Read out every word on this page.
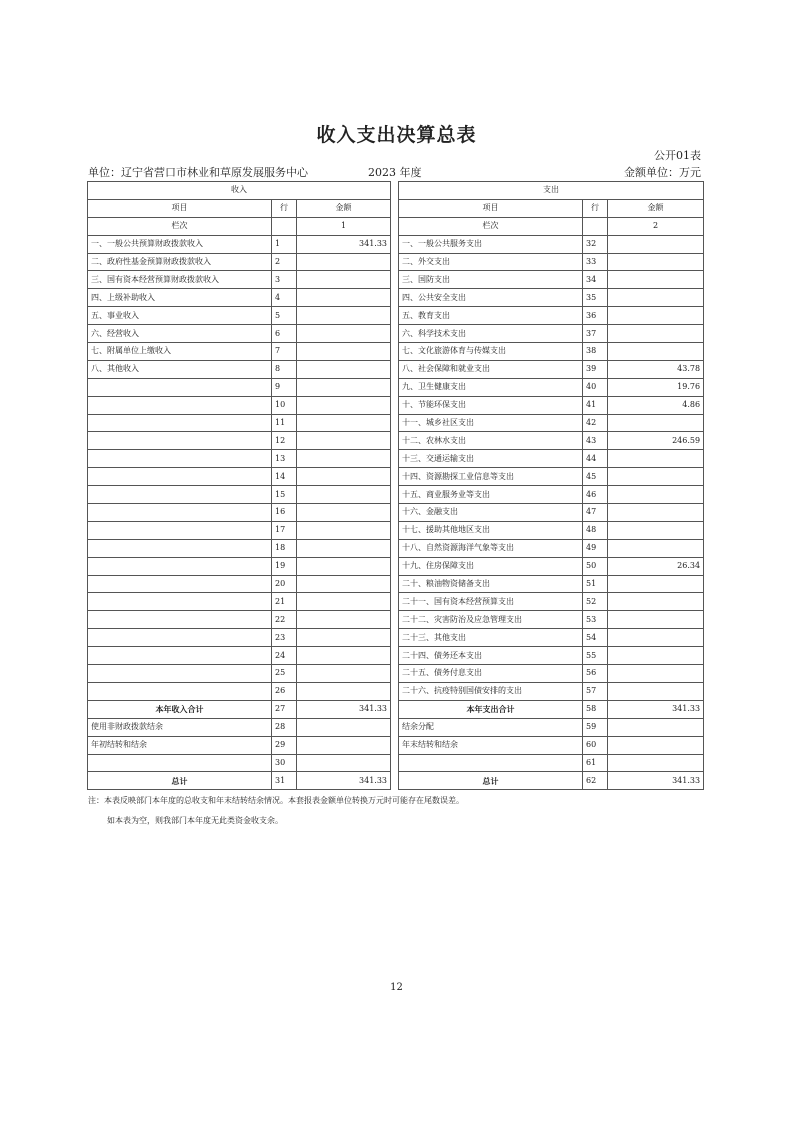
收入支出决算总表
公开01表
单位：辽宁省营口市林业和草原发展服务中心	2023 年度	金额单位：万元
收入				支出		
项目	行	金额		项目	行	金额
栏次		1		栏次		2
一、一般公共预算财政拨款收入	1	341.33		一、一般公共服务支出	32	
二、政府性基金预算财政拨款收入	2			二、外交支出	33	
三、国有资本经营预算财政拨款收入	3			三、国防支出	34	
四、上级补助收入	4			四、公共安全支出	35	
五、事业收入	5			五、教育支出	36	
六、经营收入	6			六、科学技术支出	37	
七、附属单位上缴收入	7			七、文化旅游体育与传媒支出	38	
八、其他收入	8			八、社会保障和就业支出	39	43.78
	9			九、卫生健康支出	40	19.76
	10			十、节能环保支出	41	4.86
	11			十一、城乡社区支出	42	
	12			十二、农林水支出	43	246.59
	13			十三、交通运输支出	44	
	14			十四、资源勘探工业信息等支出	45	
	15			十五、商业服务业等支出	46	
	16			十六、金融支出	47	
	17			十七、援助其他地区支出	48	
	18			十八、自然资源海洋气象等支出	49	
	19			十九、住房保障支出	50	26.34
	20			二十、粮油物资储备支出	51	
	21			二十一、国有资本经营预算支出	52	
	22			二十二、灾害防治及应急管理支出	53	
	23			二十三、其他支出	54	
	24			二十四、债务还本支出	55	
	25			二十五、债务付息支出	56	
	26			二十六、抗疫特别国债安排的支出	57	
本年收入合计	27	341.33		本年支出合计	58	341.33
使用非财政拨款结余	28			结余分配	59	
年初结转和结余	29			年末结转和结余	60	
	30				61	
总计	31	341.33		总计	62	341.33
注：本表反映部门本年度的总收支和年末结转结余情况。本套报表金额单位转换万元时可能存在尾数误差。
如本表为空，则我部门本年度无此类资金收支余。
12
